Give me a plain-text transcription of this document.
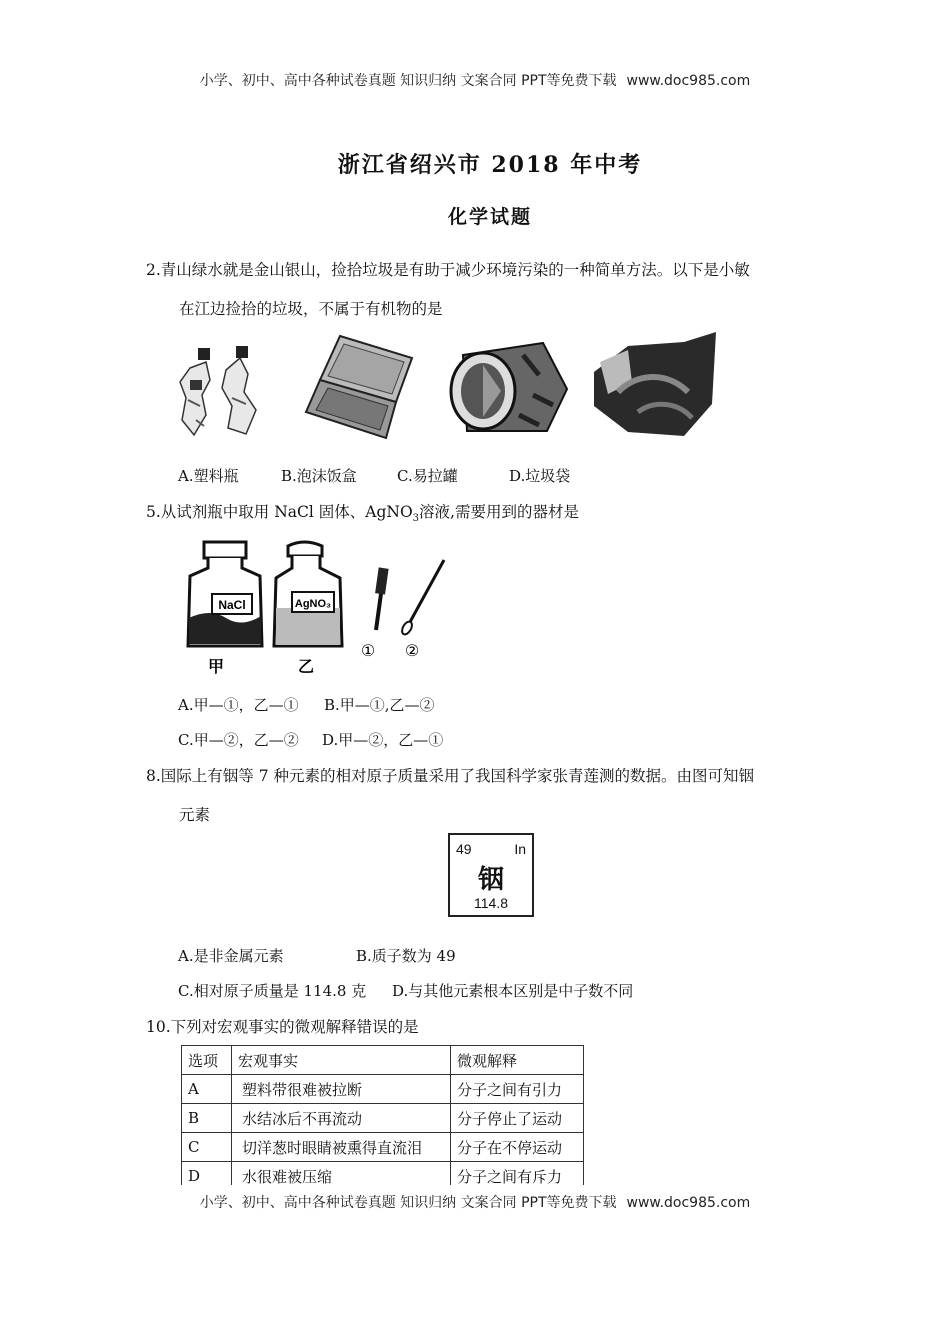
小学、初中、高中各种试卷真题 知识归纳 文案合同 PPT等免费下载 www.doc985.com
浙江省绍兴市 2018 年中考
化学试题
2.青山绿水就是金山银山，捡拾垃圾是有助于减少环境污染的一种简单方法。以下是小敏
在江边捡拾的垃圾，不属于有机物的是
A.塑料瓶	B.泡沫饭盒	C.易拉罐	D.垃圾袋
5.从试剂瓶中取用 NaCl 固体、AgNO$_3$溶液,需要用到的器材是
NaCl
甲
AgNO₃
乙
① ②
A.甲—①，乙—① B.甲—①,乙—②
C.甲—②，乙—② D.甲—②，乙—①
8.国际上有铟等 7 种元素的相对原子质量采用了我国科学家张青莲测的数据。由图可知铟
元素
49	In
铟
114.8
A.是非金属元素	B.质子数为 49
C.相对原子质量是 114.8 克 D.与其他元素根本区别是中子数不同
10.下列对宏观事实的微观解释错误的是
选项	宏观事实	微观解释
A	塑料带很难被拉断	分子之间有引力
B	水结冰后不再流动	分子停止了运动
C	切洋葱时眼睛被熏得直流泪	分子在不停运动
D	水很难被压缩	分子之间有斥力
小学、初中、高中各种试卷真题 知识归纳 文案合同 PPT等免费下载 www.doc985.com
